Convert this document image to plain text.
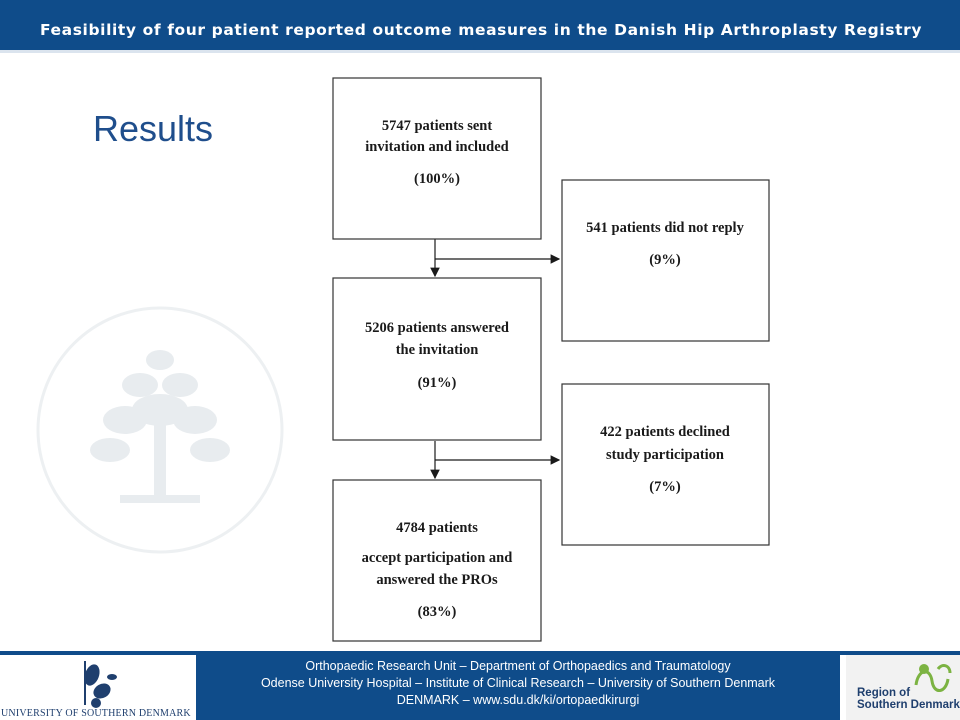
Feasibility of four patient reported outcome measures in the Danish Hip Arthroplasty Registry
Results	5747 patients sent
invitation and included
(100%)
541 patients did not reply
(9%)
5206 patients answered
the invitation
(91%)
422 patients declined
study participation
(7%)
4784 patients
accept participation and
answered the PROs
(83%)
UNIVERSITY OF SOUTHERN DENMARK
Orthopaedic Research Unit – Department of Orthopaedics and Traumatology
Odense University Hospital – Institute of Clinical Research – University of Southern Denmark
DENMARK – www.sdu.dk/ki/ortopaedkirurgi	Region of
Southern Denmark
